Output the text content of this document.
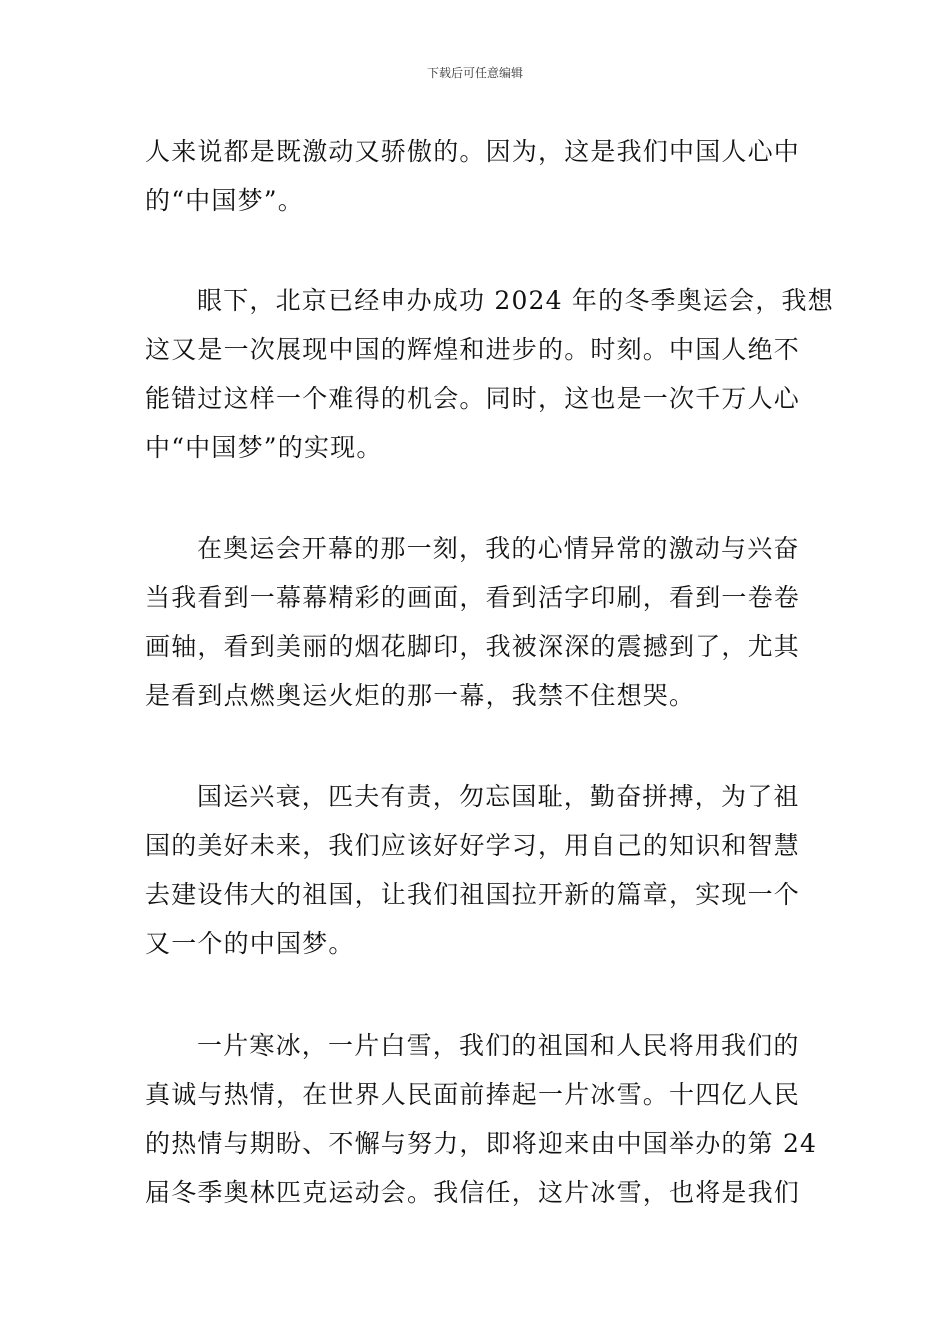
下载后可任意编辑
人来说都是既激动又骄傲的。因为，这是我们中国人心中
的“中国梦”。
眼下，北京已经申办成功 2024 年的冬季奥运会，我想
这又是一次展现中国的辉煌和进步的。时刻。中国人绝不
能错过这样一个难得的机会。同时，这也是一次千万人心
中“中国梦”的实现。
在奥运会开幕的那一刻，我的心情异常的激动与兴奋
当我看到一幕幕精彩的画面，看到活字印刷，看到一卷卷
画轴，看到美丽的烟花脚印，我被深深的震撼到了，尤其
是看到点燃奥运火炬的那一幕，我禁不住想哭。
国运兴衰，匹夫有责，勿忘国耻，勤奋拼搏，为了祖
国的美好未来，我们应该好好学习，用自己的知识和智慧
去建设伟大的祖国，让我们祖国拉开新的篇章，实现一个
又一个的中国梦。
一片寒冰，一片白雪，我们的祖国和人民将用我们的
真诚与热情，在世界人民面前捧起一片冰雪。十四亿人民
的热情与期盼、不懈与努力，即将迎来由中国举办的第 24
届冬季奥林匹克运动会。我信任，这片冰雪，也将是我们
